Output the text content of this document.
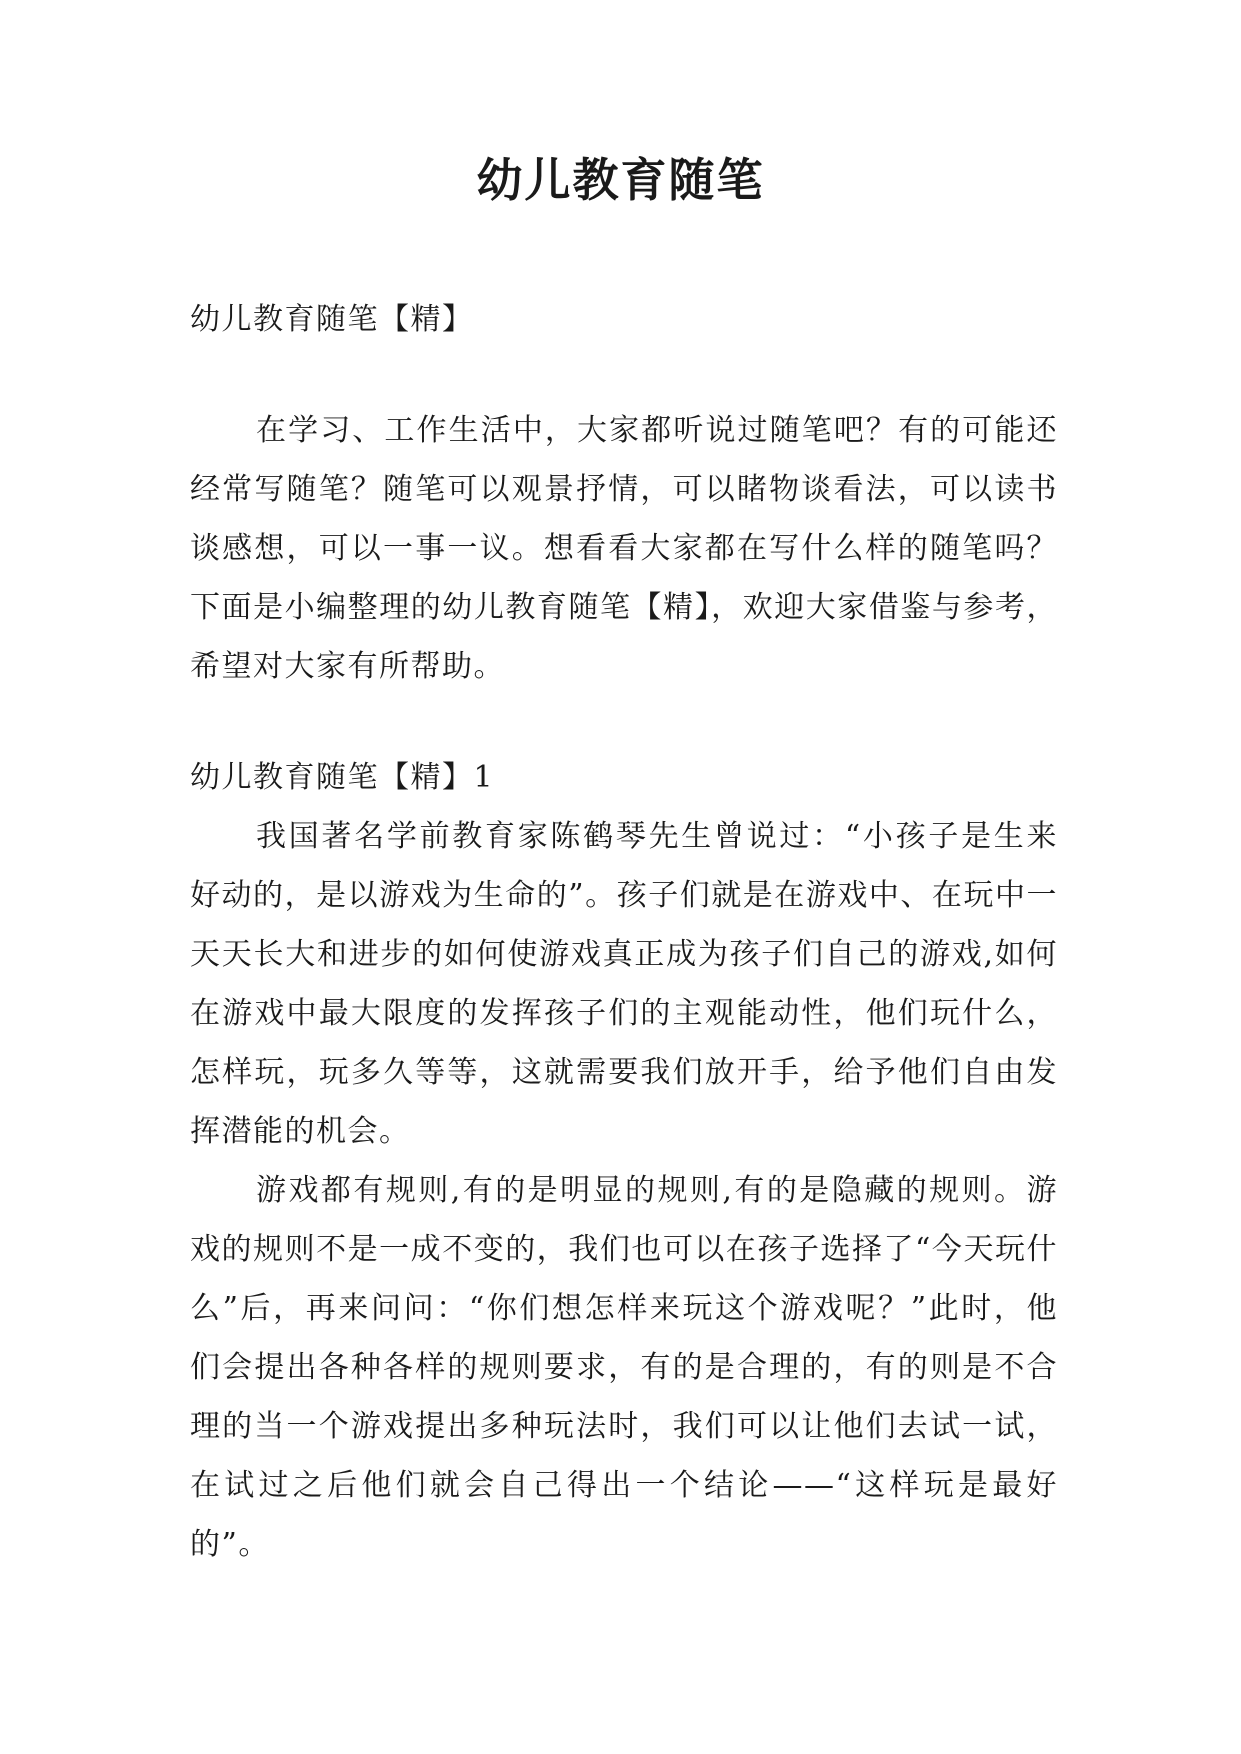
幼儿教育随笔

幼儿教育随笔【精】

在学习、工作生活中，大家都听说过随笔吧？有的可能还经常写随笔？随笔可以观景抒情，可以睹物谈看法，可以读书谈感想，可以一事一议。想看看大家都在写什么样的随笔吗？下面是小编整理的幼儿教育随笔【精】，欢迎大家借鉴与参考，希望对大家有所帮助。

幼儿教育随笔【精】1

我国著名学前教育家陈鹤琴先生曾说过：“小孩子是生来好动的，是以游戏为生命的”。孩子们就是在游戏中、在玩中一天天长大和进步的如何使游戏真正成为孩子们自己的游戏,如何在游戏中最大限度的发挥孩子们的主观能动性，他们玩什么，怎样玩，玩多久等等，这就需要我们放开手，给予他们自由发挥潜能的机会。

游戏都有规则,有的是明显的规则,有的是隐藏的规则。游戏的规则不是一成不变的，我们也可以在孩子选择了“今天玩什么”后，再来问问：“你们想怎样来玩这个游戏呢？”此时，他们会提出各种各样的规则要求，有的是合理的，有的则是不合理的当一个游戏提出多种玩法时，我们可以让他们去试一试，在试过之后他们就会自己得出一个结论——“这样玩是最好的”。
